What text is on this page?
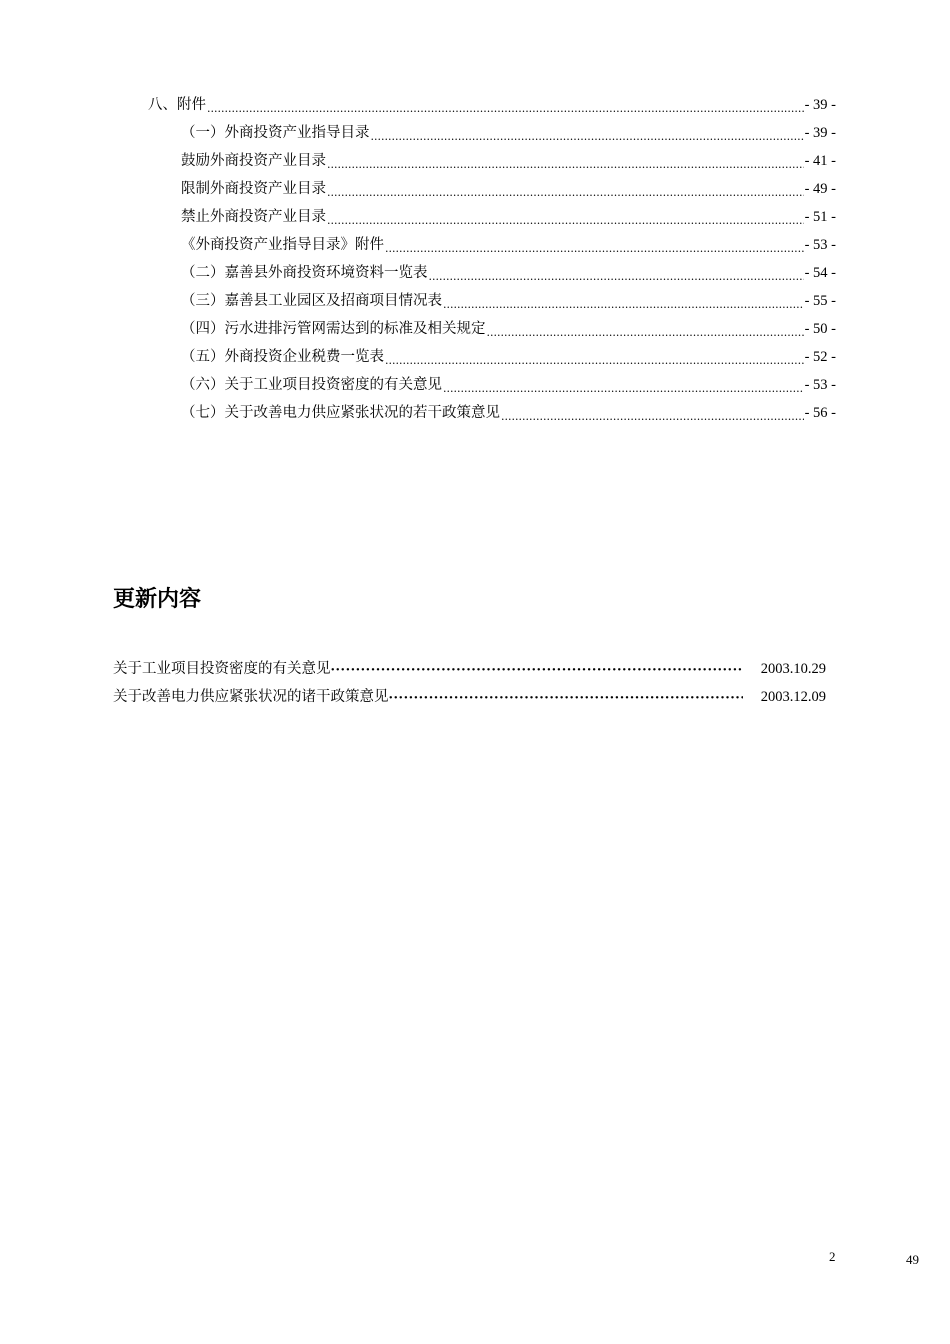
八、附件 .....	- 39 -
（一）外商投资产业指导目录 .....	- 39 -
鼓励外商投资产业目录 .....	- 41 -
限制外商投资产业目录 .....	- 49 -
禁止外商投资产业目录 .....	- 51 -
《外商投资产业指导目录》附件 .....	- 53 -
（二）嘉善县外商投资环境资料一览表 .....	- 54 -
（三）嘉善县工业园区及招商项目情况表 .....	- 55 -
（四）污水进排污管网需达到的标准及相关规定 .....	- 50 -
（五）外商投资企业税费一览表 .....	- 52 -
（六）关于工业项目投资密度的有关意见 .....	- 53 -
（七）关于改善电力供应紧张状况的若干政策意见 .....	- 56 -
更新内容
关于工业项目投资密度的有关意见 ·····	2003.10.29
关于改善电力供应紧张状况的诸干政策意见 ·····	2003.12.09
2	49
